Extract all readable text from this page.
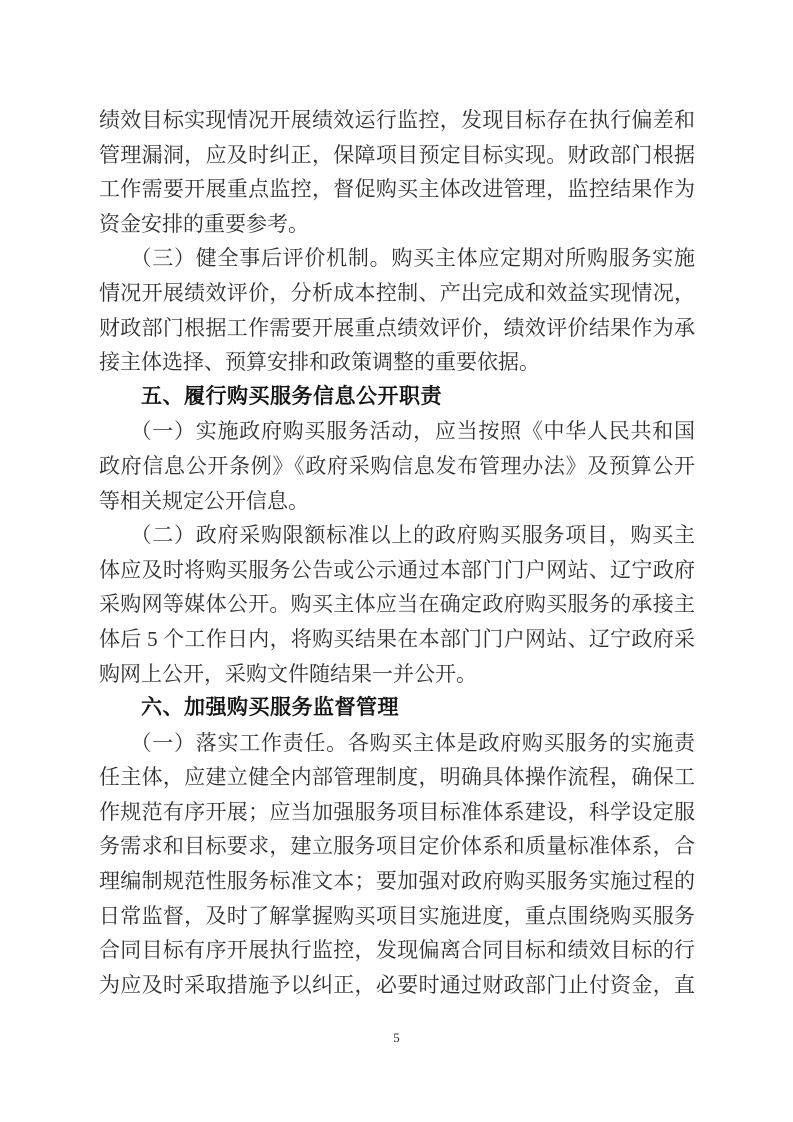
绩效目标实现情况开展绩效运行监控，发现目标存在执行偏差和
管理漏洞，应及时纠正，保障项目预定目标实现。财政部门根据
工作需要开展重点监控，督促购买主体改进管理，监控结果作为
资金安排的重要参考。
（三）健全事后评价机制。购买主体应定期对所购服务实施
情况开展绩效评价，分析成本控制、产出完成和效益实现情况，
财政部门根据工作需要开展重点绩效评价，绩效评价结果作为承
接主体选择、预算安排和政策调整的重要依据。
五、履行购买服务信息公开职责
（一）实施政府购买服务活动，应当按照《中华人民共和国
政府信息公开条例》《政府采购信息发布管理办法》及预算公开
等相关规定公开信息。
（二）政府采购限额标准以上的政府购买服务项目，购买主
体应及时将购买服务公告或公示通过本部门门户网站、辽宁政府
采购网等媒体公开。购买主体应当在确定政府购买服务的承接主
体后 5 个工作日内，将购买结果在本部门门户网站、辽宁政府采
购网上公开，采购文件随结果一并公开。
六、加强购买服务监督管理
（一）落实工作责任。各购买主体是政府购买服务的实施责
任主体，应建立健全内部管理制度，明确具体操作流程，确保工
作规范有序开展；应当加强服务项目标准体系建设，科学设定服
务需求和目标要求，建立服务项目定价体系和质量标准体系，合
理编制规范性服务标准文本；要加强对政府购买服务实施过程的
日常监督，及时了解掌握购买项目实施进度，重点围绕购买服务
合同目标有序开展执行监控，发现偏离合同目标和绩效目标的行
为应及时采取措施予以纠正，必要时通过财政部门止付资金，直
5
